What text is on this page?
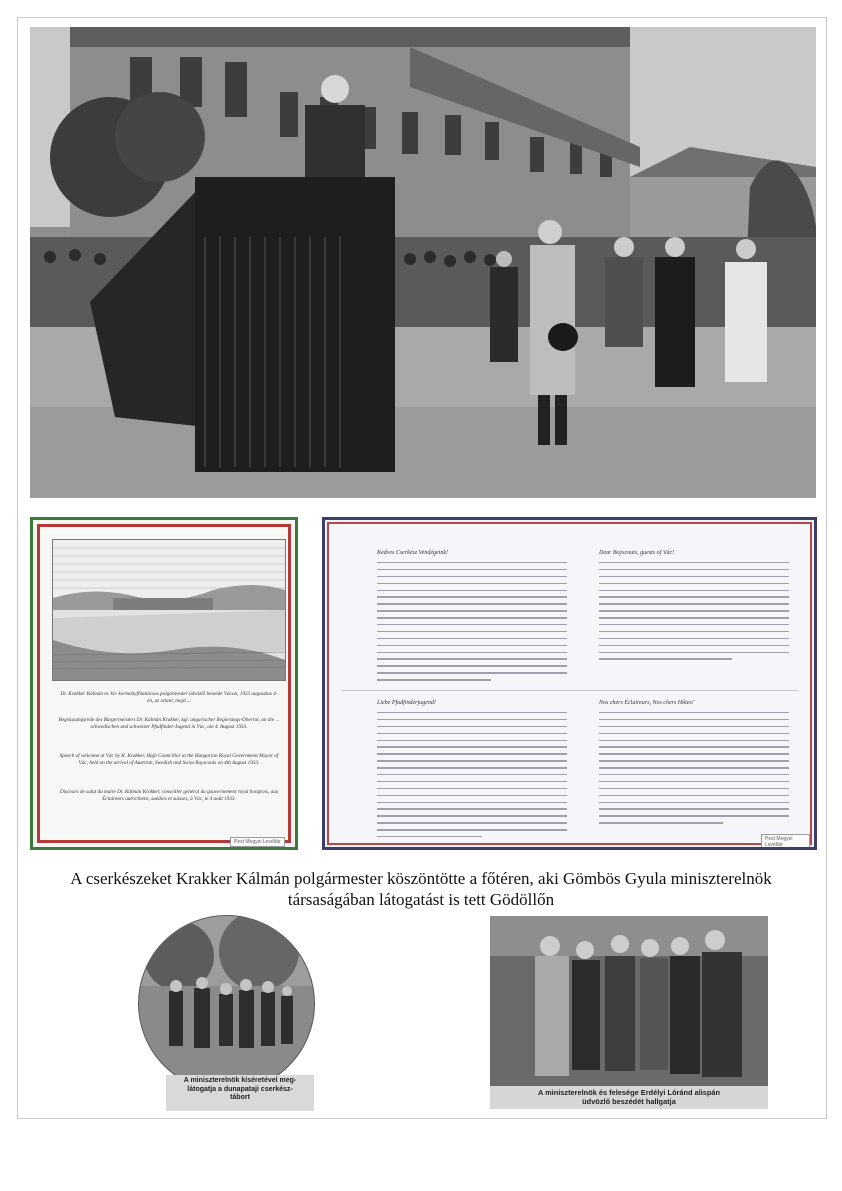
Dr. Krakker Kálmán m. kir. kormányfőtanácsos polgármester üdvözlő beszéde Vácon, 1933 augusztus 4-én, az ottani, majd ...
Begrüssungsrede des Bürgermeisters Dr. Kálmán Krakker, kgl. ungarischer Regierungs-Oberrat, an die ... schwedischen und schweizer Pfadfinder-Jugend in Vác, am 4. August 1933.
Speech of welcome at Vác by K. Krakker, High Councillor at the Hungarian Royal Government Mayor of Vác, held on the arrival of Austrian, Swedish and Swiss Boyscouts on 4th August 1933.
Discours de salut du maire Dr. Kálmán Krakker, conseiller général du gouvernement royal hongrois, aux Éclaireurs autrichiens, suédois et suisses, à Vác, le 4 août 1933.
Pest Megyei Levéltár
Kedves Cserkész Vendégeink!	Dear Boyscouts, guests of Vác!
Liebe Pfadfinderjugend!	Nos chers Éclaireurs, Nos chers Hôtes!
Pest Megyei Levéltár
A cserkészeket Krakker Kálmán polgármester köszöntötte a főtéren, aki Gömbös Gyula miniszterelnök
társaságában látogatást is tett Gödöllőn
A miniszterelnök kíséretével meg-
látogatja a dunapataji cserkész-
tábort
A miniszterelnök és felesége Erdélyi Lóránd alispán
üdvözlő beszédét hallgatja
